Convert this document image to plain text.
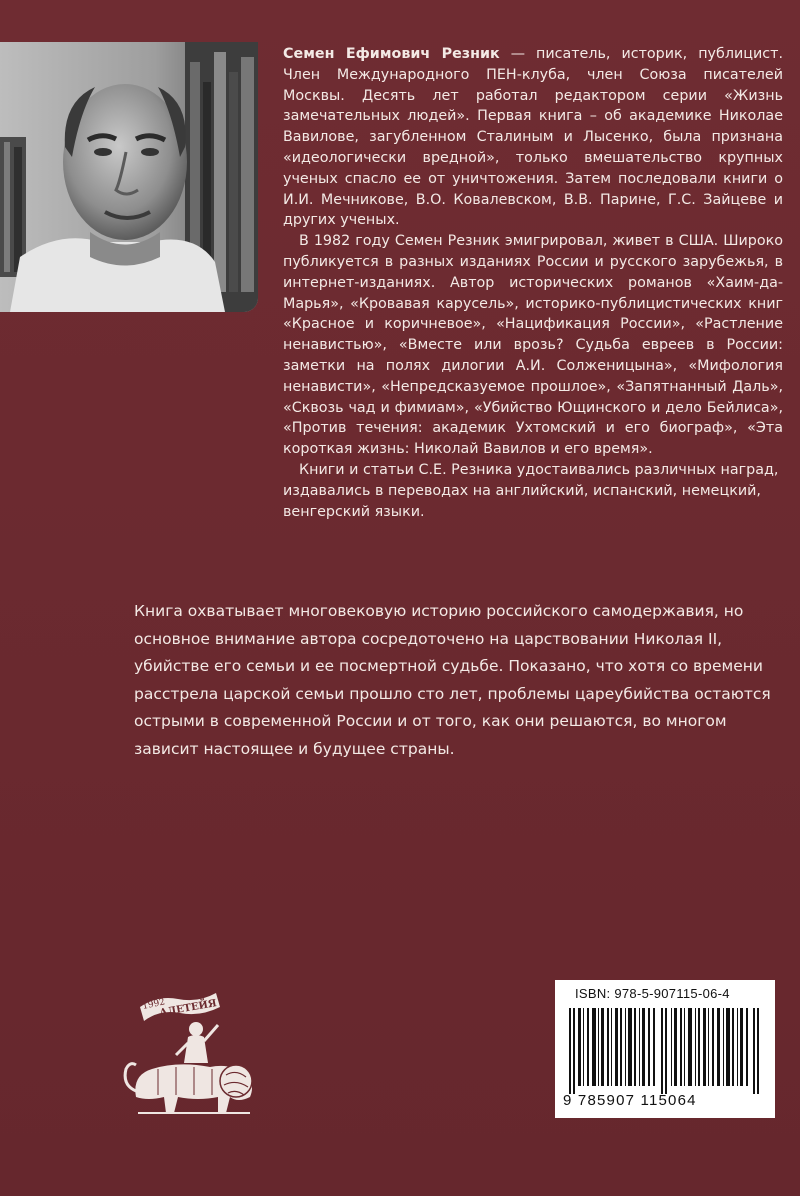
Семен Ефимович Резник — писатель, историк, публицист. Член Международного ПЕН-клуба, член Союза писателей Москвы. Десять лет работал редактором серии «Жизнь замечательных людей». Первая книга – об академике Николае Вавилове, загубленном Сталиным и Лысенко, была признана «идеологически вредной», только вмешательство крупных ученых спасло ее от уничтожения. Затем последовали книги о И.И. Мечникове, В.О. Ковалевском, В.В. Парине, Г.С. Зайцеве и других ученых.

В 1982 году Семен Резник эмигрировал, живет в США. Широко публикуется в разных изданиях России и русского зарубежья, в интернет-изданиях. Автор исторических романов «Хаим-да-Марья», «Кровавая карусель», историко-публицистических книг «Красное и коричневое», «Нацификация России», «Растление ненавистью», «Вместе или врозь? Судьба евреев в России: заметки на полях дилогии А.И. Солженицына», «Мифология ненависти», «Непредсказуемое прошлое», «Запятнанный Даль», «Сквозь чад и фимиам», «Убийство Ющинского и дело Бейлиса», «Против течения: академик Ухтомский и его биограф», «Эта короткая жизнь: Николай Вавилов и его время».

Книги и статьи С.Е. Резника удостаивались различных наград, издавались в переводах на английский, испанский, немецкий, венгерский языки.

Книга охватывает многовековую историю российского самодержавия, но основное внимание автора сосредоточено на царствовании Николая II, убийстве его семьи и ее посмертной судьбе. Показано, что хотя со времени расстрела царской семьи прошло сто лет, проблемы цареубийства остаются острыми в современной России и от того, как они решаются, во многом зависит настоящее и будущее страны.

1992
АЛЕТЕЙЯ
ISBN: 978-5-907115-06-4
9 785907 115064
